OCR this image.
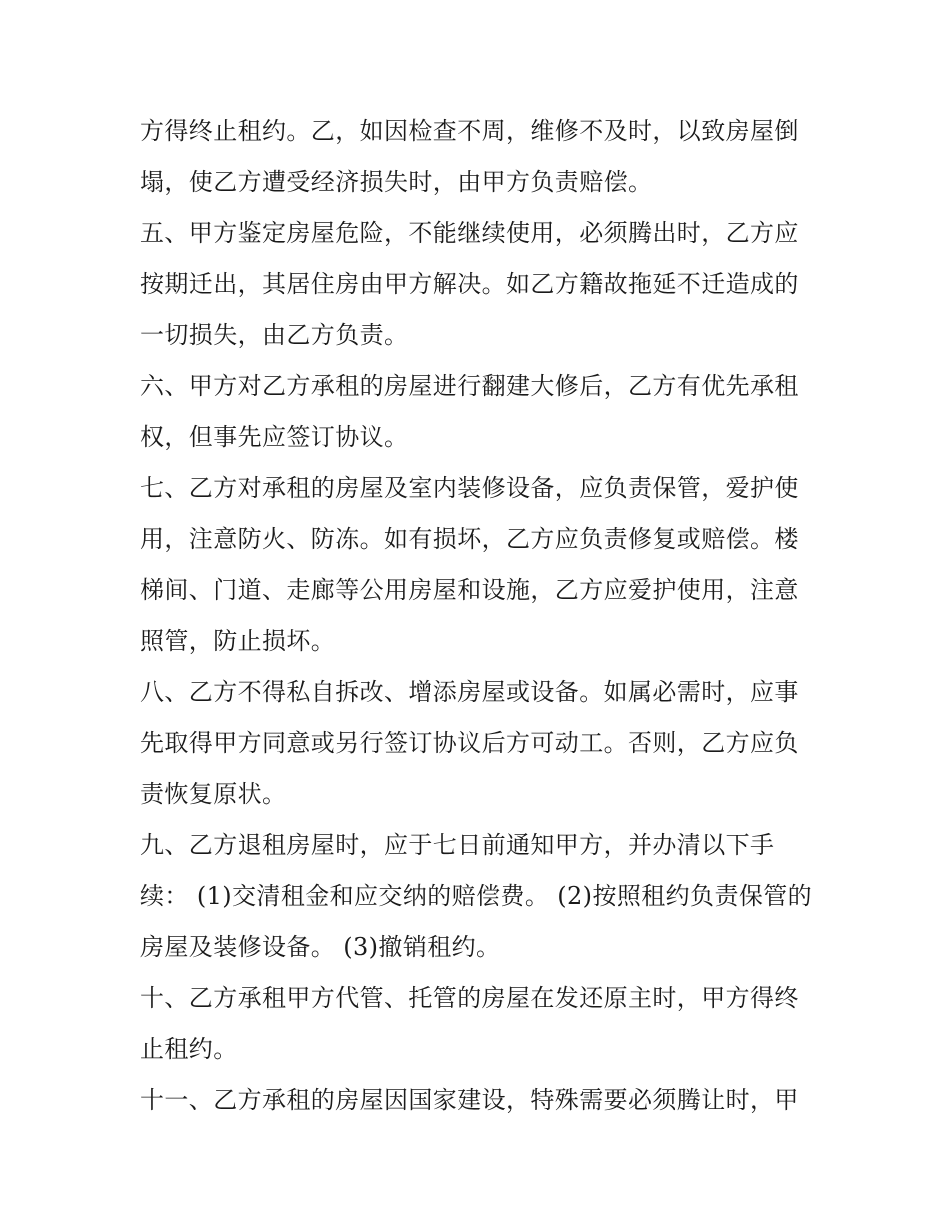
方得终止租约。乙，如因检查不周，维修不及时，以致房屋倒
塌，使乙方遭受经济损失时，由甲方负责赔偿。
五、甲方鉴定房屋危险，不能继续使用，必须腾出时，乙方应
按期迁出，其居住房由甲方解决。如乙方籍故拖延不迁造成的
一切损失，由乙方负责。
六、甲方对乙方承租的房屋进行翻建大修后，乙方有优先承租
权，但事先应签订协议。
七、乙方对承租的房屋及室内装修设备，应负责保管，爱护使
用，注意防火、防冻。如有损坏，乙方应负责修复或赔偿。楼
梯间、门道、走廊等公用房屋和设施，乙方应爱护使用，注意
照管，防止损坏。
八、乙方不得私自拆改、增添房屋或设备。如属必需时，应事
先取得甲方同意或另行签订协议后方可动工。否则，乙方应负
责恢复原状。
九、乙方退租房屋时，应于七日前通知甲方，并办清以下手
续： (1)交清租金和应交纳的赔偿费。 (2)按照租约负责保管的
房屋及装修设备。 (3)撤销租约。
十、乙方承租甲方代管、托管的房屋在发还原主时，甲方得终
止租约。
十一、乙方承租的房屋因国家建设，特殊需要必须腾让时，甲
